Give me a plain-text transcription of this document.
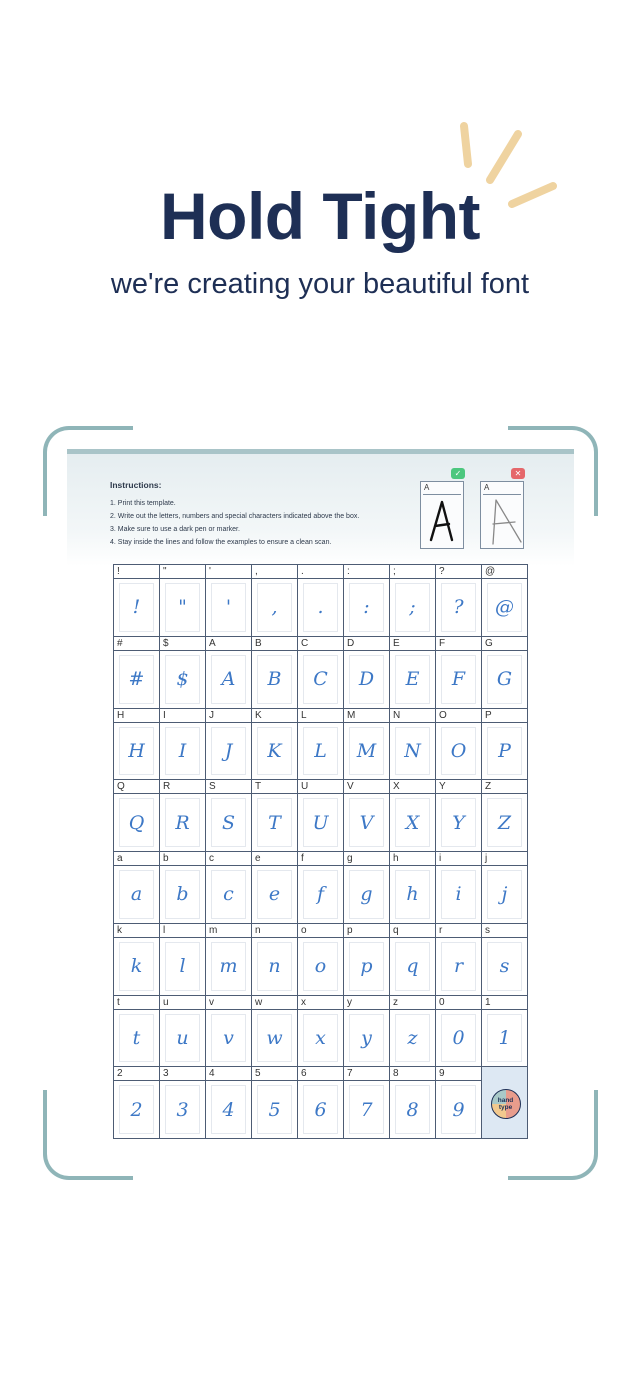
Hold Tight
we're creating your beautiful font
Instructions:
1. Print this template.
2. Write out the letters, numbers and special characters indicated above the box.
3. Make sure to use a dark pen or marker.
4. Stay inside the lines and follow the examples to ensure a clean scan.
✓
A
✕
A
!
!
"
"
'
'
,
,
.
.
:
:
;
;
?
?
@
@
#
#
$
$
A
A
B
B
C
C
D
D
E
E
F
F
G
G
H
H
I
I
J
J
K
K
L
L
M
M
N
N
O
O
P
P
Q
Q
R
R
S
S
T
T
U
U
V
V
X
X
Y
Y
Z
Z
a
a
b
b
c
c
e
e
f
f
g
g
h
h
i
i
j
j
k
k
l
l
m
m
n
n
o
o
p
p
q
q
r
r
s
s
t
t
u
u
v
v
w
w
x
x
y
y
z
z
0
0
1
1
2
2
3
3
4
4
5
5
6
6
7
7
8
8
9
9	hand
type
